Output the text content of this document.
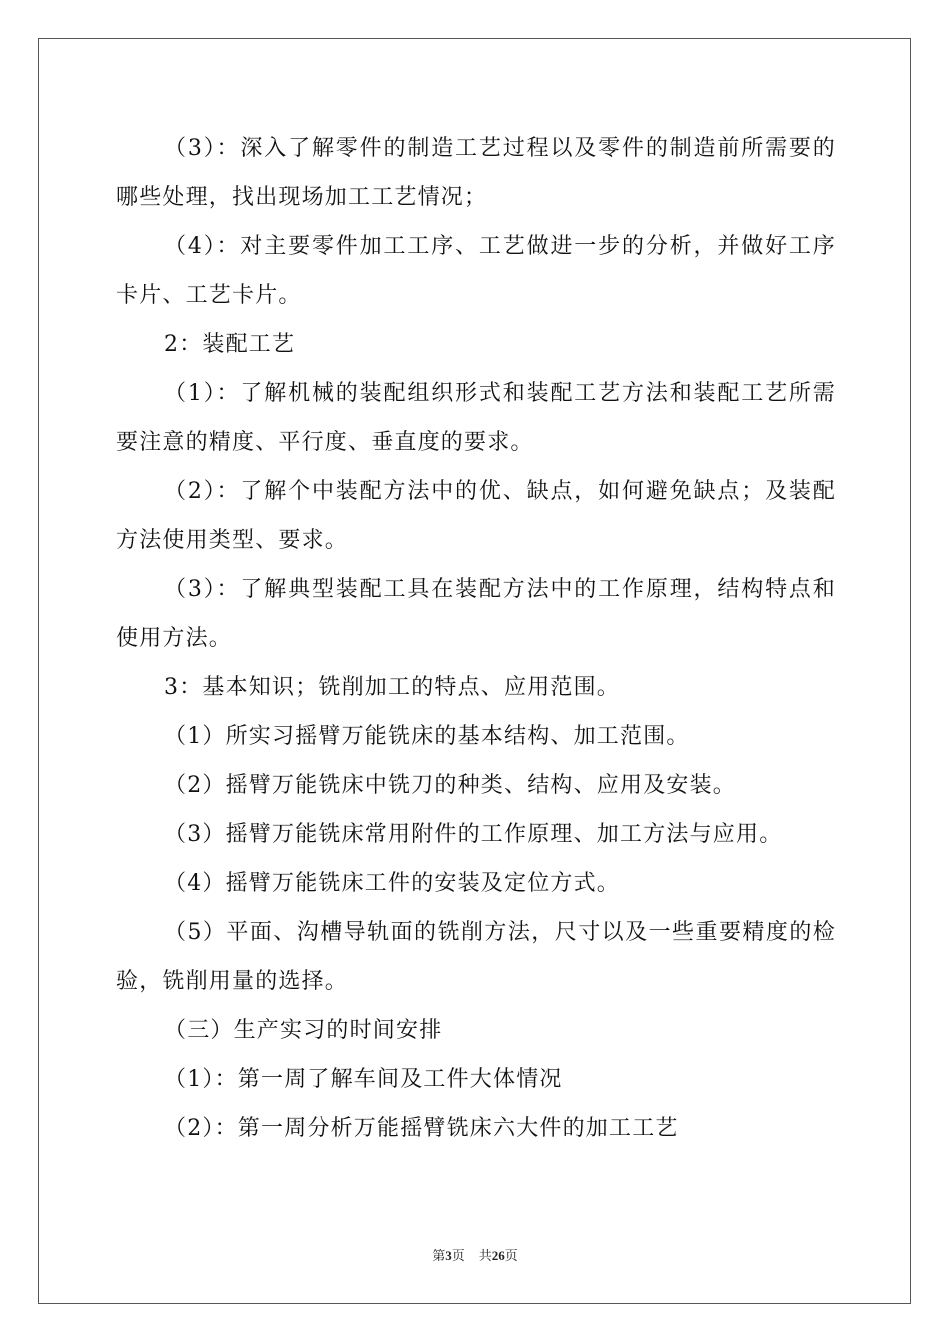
（3）：深入了解零件的制造工艺过程以及零件的制造前所需要的哪些处理，找出现场加工工艺情况；

（4）：对主要零件加工工序、工艺做进一步的分析，并做好工序卡片、工艺卡片。

2：装配工艺

（1）：了解机械的装配组织形式和装配工艺方法和装配工艺所需要注意的精度、平行度、垂直度的要求。

（2）：了解个中装配方法中的优、缺点，如何避免缺点；及装配方法使用类型、要求。

（3）：了解典型装配工具在装配方法中的工作原理，结构特点和使用方法。

3：基本知识；铣削加工的特点、应用范围。

（1）所实习摇臂万能铣床的基本结构、加工范围。

（2）摇臂万能铣床中铣刀的种类、结构、应用及安装。

（3）摇臂万能铣床常用附件的工作原理、加工方法与应用。

（4）摇臂万能铣床工件的安装及定位方式。

（5）平面、沟槽导轨面的铣削方法，尺寸以及一些重要精度的检验，铣削用量的选择。

（三）生产实习的时间安排

（1）：第一周了解车间及工件大体情况

（2）：第一周分析万能摇臂铣床六大件的加工工艺

第3页 共26页
